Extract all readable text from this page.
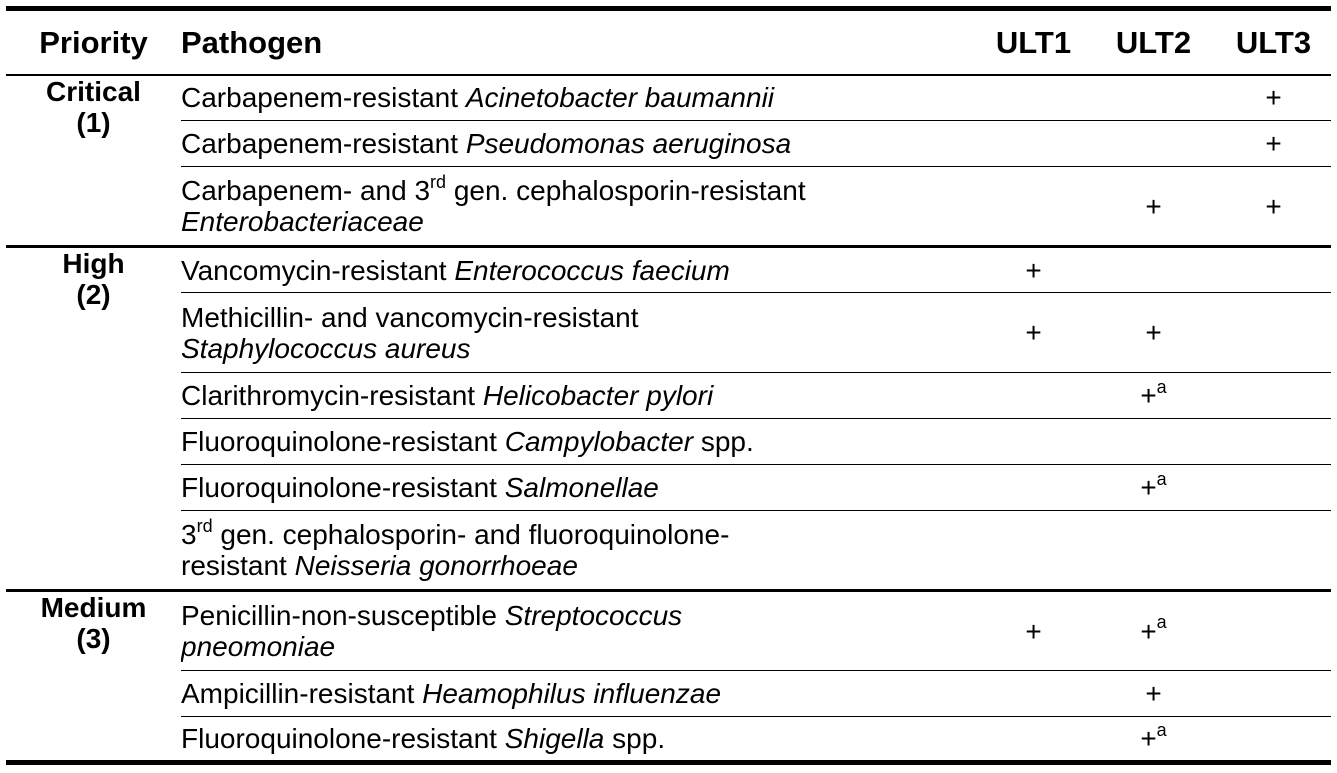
Priority	Pathogen	ULT1	ULT2	ULT3

Critical
(1)	Carbapenem-resistant Acinetobacter baumannii			+
	Carbapenem-resistant Pseudomonas aeruginosa			+
	Carbapenem- and 3rd gen. cephalosporin-resistant
Enterobacteriaceae		+	+

High
(2)	Vancomycin-resistant Enterococcus faecium	+		
	Methicillin- and vancomycin-resistant
Staphylococcus aureus	+	+	
	Clarithromycin-resistant Helicobacter pylori		+$^a$	
	Fluoroquinolone-resistant Campylobacter spp.			
	Fluoroquinolone-resistant Salmonellae		+$^a$	
	3rd gen. cephalosporin- and fluoroquinolone-
resistant Neisseria gonorrhoeae			

Medium
(3)	Penicillin-non-susceptible Streptococcus
pneomoniae	+	+$^a$	
	Ampicillin-resistant Heamophilus influenzae		+	
	Fluoroquinolone-resistant Shigella spp.		+$^a$	
